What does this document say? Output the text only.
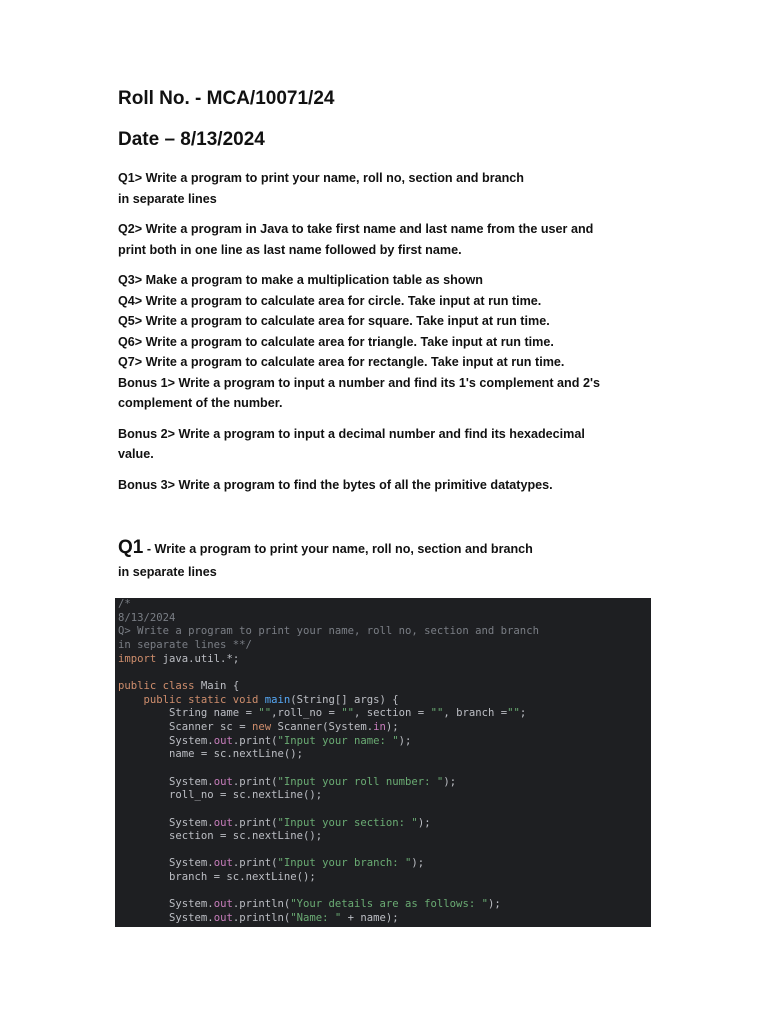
Roll No. - MCA/10071/24
Date – 8/13/2024

Q1> Write a program to print your name, roll no, section and branch

in separate lines

Q2> Write a program in Java to take first name and last name from the user and

print both in one line as last name followed by first name.

Q3> Make a program to make a multiplication table as shown

Q4> Write a program to calculate area for circle. Take input at run time.

Q5> Write a program to calculate area for square. Take input at run time.

Q6> Write a program to calculate area for triangle. Take input at run time.

Q7> Write a program to calculate area for rectangle. Take input at run time.

Bonus 1> Write a program to input a number and find its 1's complement and 2's

complement of the number.

Bonus 2> Write a program to input a decimal number and find its hexadecimal

value.

Bonus 3> Write a program to find the bytes of all the primitive datatypes.

Q1 - Write a program to print your name, roll no, section and branch
in separate lines
/*
8/13/2024
Q> Write a program to print your name, roll no, section and branch
in separate lines **/
import java.util.*;

public class Main {
public static void main(String[] args) {
String name = "",roll_no = "", section = "", branch ="";
Scanner sc = new Scanner(System.in);
System.out.print("Input your name: ");
name = sc.nextLine();

System.out.print("Input your roll number: ");
roll_no = sc.nextLine();

System.out.print("Input your section: ");
section = sc.nextLine();

System.out.print("Input your branch: ");
branch = sc.nextLine();

System.out.println("Your details are as follows: ");
System.out.println("Name: " + name);
